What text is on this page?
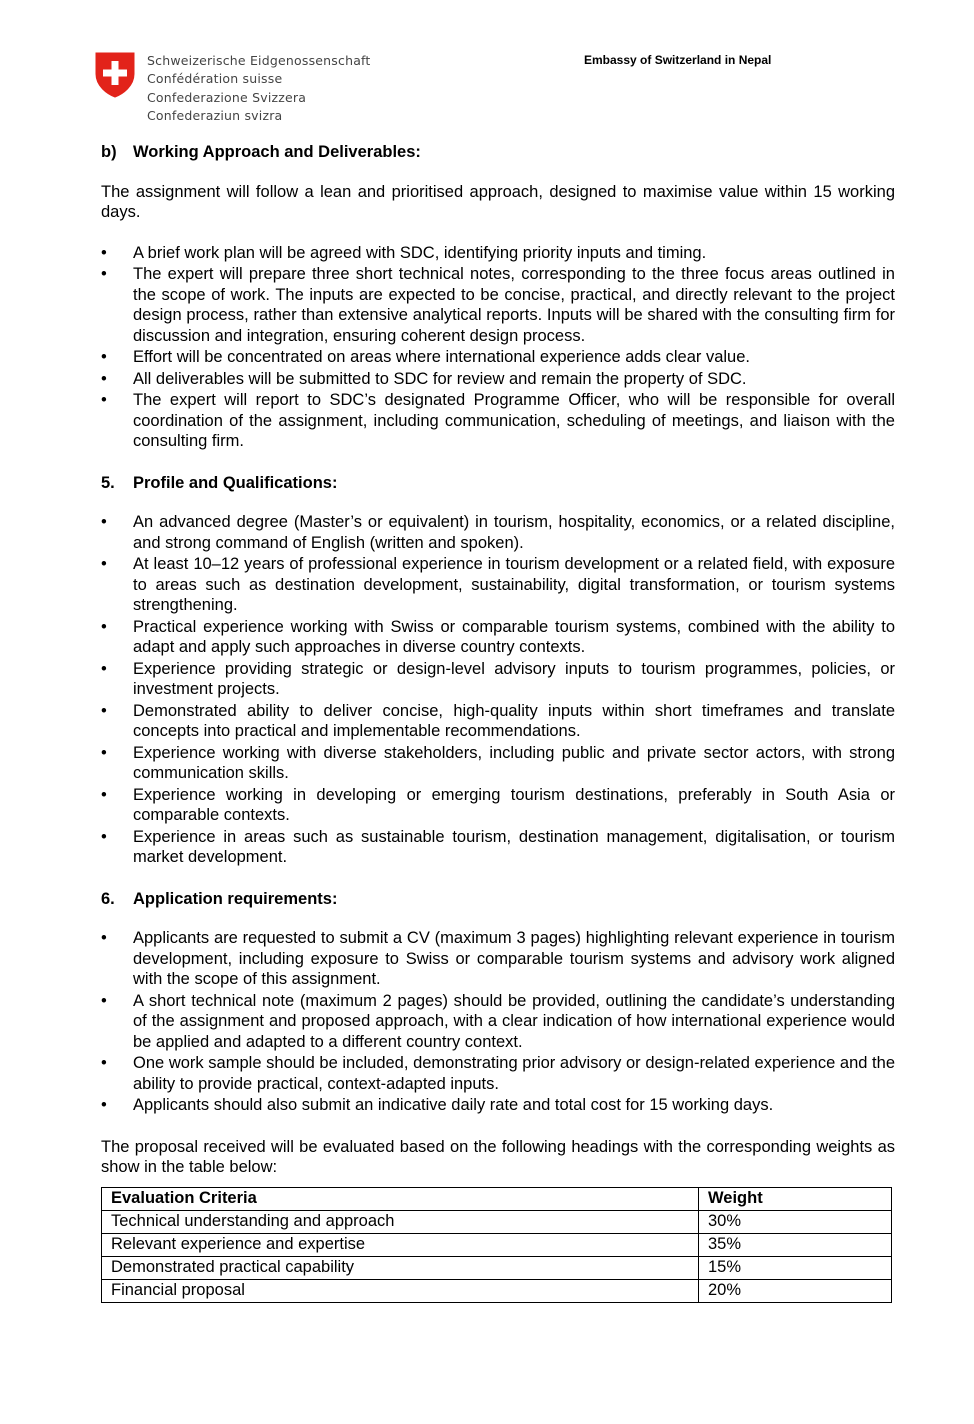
Schweizerische Eidgenossenschaft
Confédération suisse
Confederazione Svizzera
Confederaziun svizra
Embassy of Switzerland in Nepal
b) Working Approach and Deliverables:

The assignment will follow a lean and prioritised approach, designed to maximise value within 15 working days.

• A brief work plan will be agreed with SDC, identifying priority inputs and timing.
• The expert will prepare three short technical notes, corresponding to the three focus areas outlined in the scope of work. The inputs are expected to be concise, practical, and directly relevant to the project design process, rather than extensive analytical reports. Inputs will be shared with the consulting firm for discussion and integration, ensuring coherent design process.
• Effort will be concentrated on areas where international experience adds clear value.
• All deliverables will be submitted to SDC for review and remain the property of SDC.
• The expert will report to SDC’s designated Programme Officer, who will be responsible for overall coordination of the assignment, including communication, scheduling of meetings, and liaison with the consulting firm.
5.	Profile and Qualifications:
• An advanced degree (Master’s or equivalent) in tourism, hospitality, economics, or a related discipline, and strong command of English (written and spoken).
• At least 10–12 years of professional experience in tourism development or a related field, with exposure to areas such as destination development, sustainability, digital transformation, or tourism systems strengthening.
• Practical experience working with Swiss or comparable tourism systems, combined with the ability to adapt and apply such approaches in diverse country contexts.
• Experience providing strategic or design-level advisory inputs to tourism programmes, policies, or investment projects.
• Demonstrated ability to deliver concise, high-quality inputs within short timeframes and translate concepts into practical and implementable recommendations.
• Experience working with diverse stakeholders, including public and private sector actors, with strong communication skills.
• Experience working in developing or emerging tourism destinations, preferably in South Asia or comparable contexts.
• Experience in areas such as sustainable tourism, destination management, digitalisation, or tourism market development.
6.	Application requirements:
• Applicants are requested to submit a CV (maximum 3 pages) highlighting relevant experience in tourism development, including exposure to Swiss or comparable tourism systems and advisory work aligned with the scope of this assignment.
• A short technical note (maximum 2 pages) should be provided, outlining the candidate’s understanding of the assignment and proposed approach, with a clear indication of how international experience would be applied and adapted to a different country context.
• One work sample should be included, demonstrating prior advisory or design-related experience and the ability to provide practical, context-adapted inputs.
• Applicants should also submit an indicative daily rate and total cost for 15 working days.

The proposal received will be evaluated based on the following headings with the corresponding weights as show in the table below:

Evaluation Criteria	Weight
Technical understanding and approach	30%
Relevant experience and expertise	35%
Demonstrated practical capability	15%
Financial proposal	20%
